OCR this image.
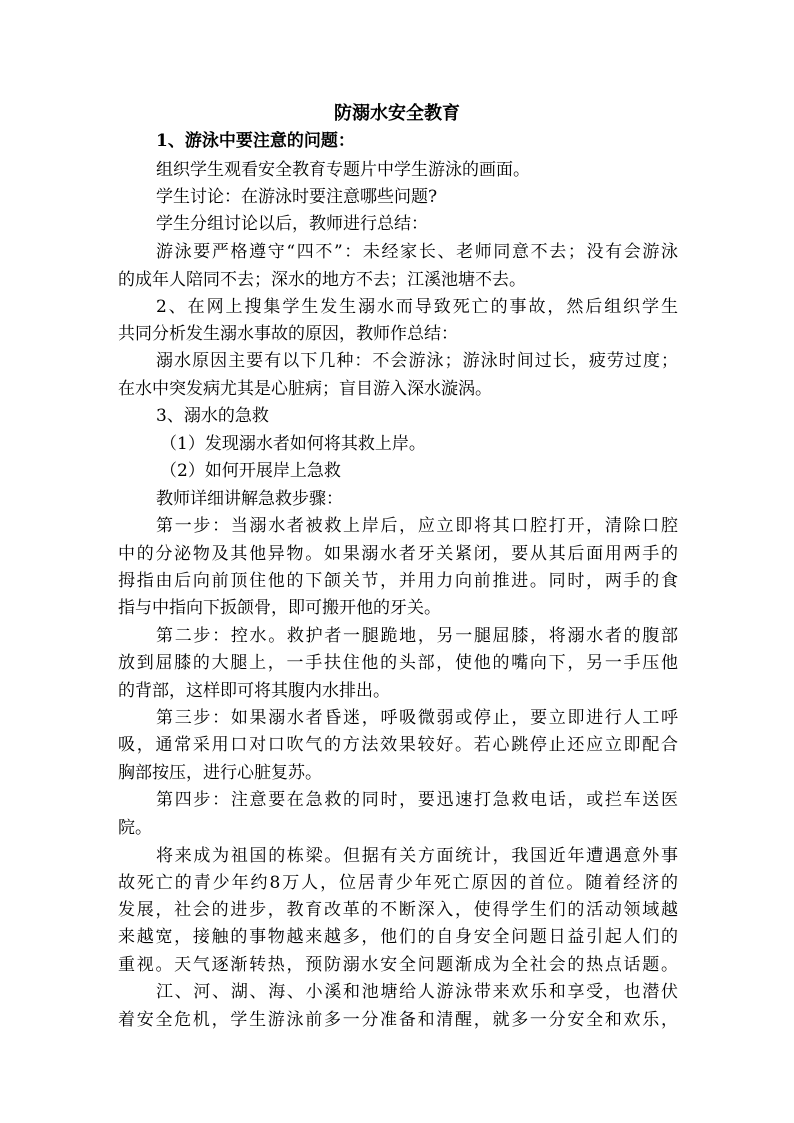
防溺水安全教育
1、游泳中要注意的问题：
组织学生观看安全教育专题片中学生游泳的画面。
学生讨论：在游泳时要注意哪些问题?
学生分组讨论以后，教师进行总结：
游泳要严格遵守“四不”：未经家长、老师同意不去；没有会游泳
的成年人陪同不去；深水的地方不去；江溪池塘不去。
2、在网上搜集学生发生溺水而导致死亡的事故，然后组织学生
共同分析发生溺水事故的原因，教师作总结：
溺水原因主要有以下几种：不会游泳；游泳时间过长，疲劳过度；
在水中突发病尤其是心脏病；盲目游入深水漩涡。
3、溺水的急救
（1）发现溺水者如何将其救上岸。
（2）如何开展岸上急救
教师详细讲解急救步骤：
第一步：当溺水者被救上岸后，应立即将其口腔打开，清除口腔
中的分泌物及其他异物。如果溺水者牙关紧闭，要从其后面用两手的
拇指由后向前顶住他的下颌关节，并用力向前推进。同时，两手的食
指与中指向下扳颌骨，即可搬开他的牙关。
第二步：控水。救护者一腿跪地，另一腿屈膝，将溺水者的腹部
放到屈膝的大腿上，一手扶住他的头部，使他的嘴向下，另一手压他
的背部，这样即可将其腹内水排出。
第三步：如果溺水者昏迷，呼吸微弱或停止，要立即进行人工呼
吸，通常采用口对口吹气的方法效果较好。若心跳停止还应立即配合
胸部按压，进行心脏复苏。
第四步：注意要在急救的同时，要迅速打急救电话，或拦车送医
院。
将来成为祖国的栋梁。但据有关方面统计，我国近年遭遇意外事
故死亡的青少年约8万人，位居青少年死亡原因的首位。随着经济的
发展，社会的进步，教育改革的不断深入，使得学生们的活动领域越
来越宽，接触的事物越来越多，他们的自身安全问题日益引起人们的
重视。天气逐渐转热，预防溺水安全问题渐成为全社会的热点话题。
江、河、湖、海、小溪和池塘给人游泳带来欢乐和享受，也潜伏
着安全危机，学生游泳前多一分准备和清醒，就多一分安全和欢乐，
